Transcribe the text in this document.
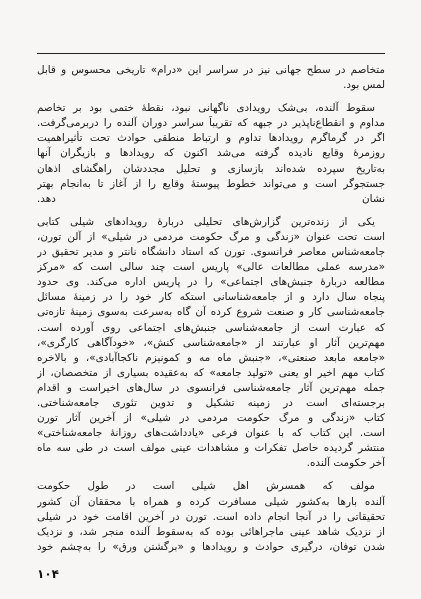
متخاصم در سطح جهانی نیز در سراسر این «درام» تاریخی محسوس و قابل
لمس بود.
سقوط آلنده، بی‌شک رویدادی ناگهانی نبود، نقطهٔ ختمی بود بر تخاصم
مداوم و انقطاع‌ناپذیر در جبهه که تقریباً سراسر دوران آلنده را دربرمی‌گرفت.
اگر در گرماگرم رویدادها تداوم و ارتباط منطقی حوادث تحت تأثیراهمیت
روزمرهٔ وقایع نادیده گرفته می‌شد اکنون که رویدادها و بازیگران آنها
به‌تاریخ سپرده شده‌اند بازسازی و تحلیل مجددشان راهگشای اذهان
جستجوگر است و می‌تواند خطوط پیوستهٔ وقایع را از آغاز تا به‌انجام بهتر
نشان دهد.
یکی از زنده‌ترین گزارش‌های تحلیلی دربارهٔ رویدادهای شیلی کتابی
است تحت عنوان «زندگی و مرگ حکومت مردمی در شیلی» از آلن تورن،
جامعه‌شناس معاصر فرانسوی. تورن که استاد دانشگاه نانتر و مدیر تحقیق در
«مدرسه عملی مطالعات عالی» پاریس است چند سالی است که «مرکز
مطالعه دربارهٔ جنبش‌های اجتماعی» را در پاریس اداره می‌کند. وی حدود
پنجاه سال دارد و از جامعه‌شناسانی استکه کار خود را در زمینهٔ مسائل
جامعه‌شناسی کار و صنعت شروع کرده آن گاه به‌سرعت به‌سوی زمینهٔ تازه‌تی
که عبارت است از جامعه‌شناسی جنبش‌های اجتماعی روی آورده است.
مهم‌ترین آثار او عبارتند از «جامعه‌شناسی کنش»، «خودآگاهی کارگری»،
«جامعه مابعد صنعتی»، «جنبش ماه مه و کمونیزم ناکجاآبادی»، و بالاخره
کتاب مهم اخیر او یعنی «تولید جامعه» که به‌عقیده بسیاری از متخصصان، از
جمله مهم‌ترین آثار جامعه‌شناسی فرانسوی در سال‌های اخیراست و اقدام
برجسته‌ای است در زمینه تشکیل و تدوین تئوری جامعه‌شناختی.
کتاب «زندگی و مرگ حکومت مردمی در شیلی» از آخرین آثار تورن
است. این کتاب که با عنوان فرعی «یادداشت‌های روزانهٔ جامعه‌شناختی»
منتشر گردیده حاصل تفکرات و مشاهدات عینی مولف است در طی سه ماه
آخر حکومت آلنده.
مولف که همسرش اهل شیلی است در طول حکومت
آلنده بارها به‌کشور شیلی مسافرت کرده و همراه با محققان آن کشور
تحقیقاتی را در آنجا انجام داده است. تورن در آخرین اقامت خود در شیلی
از نزدیک شاهد عینی ماجراهائی بوده که به‌سقوط آلنده منجر شد، و نزدیک
شدن توفان، درگیری حوادث و رویدادها و «برگشتن ورق» را به‌چشم خود
۱۰۴
